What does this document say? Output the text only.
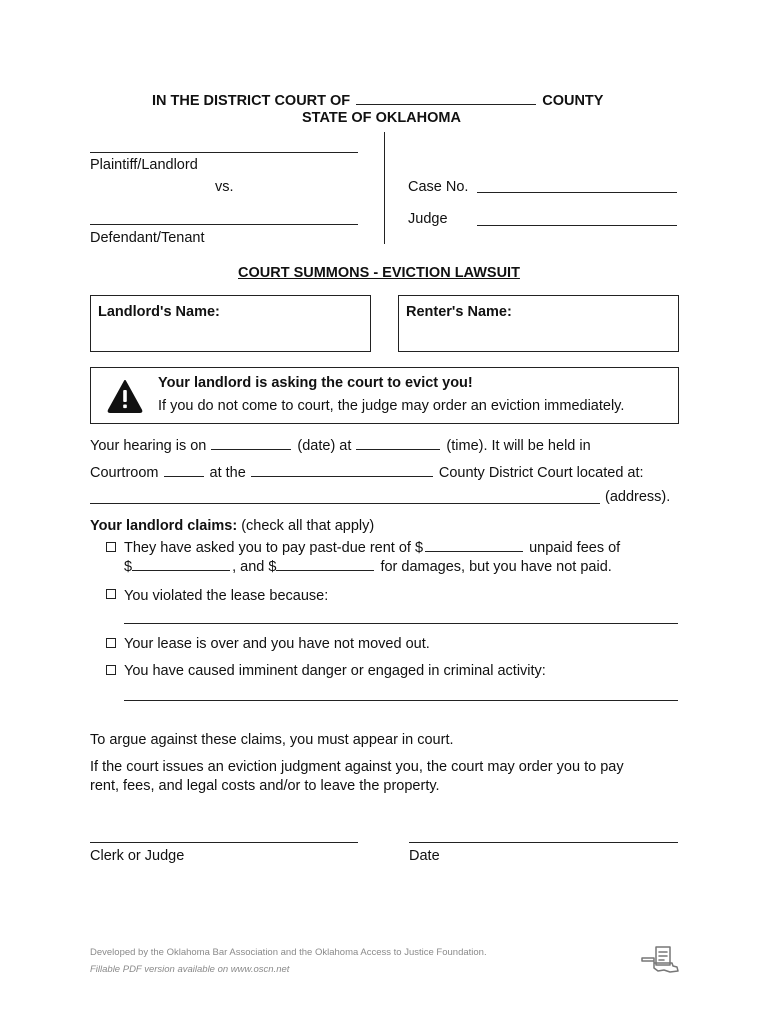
IN THE DISTRICT COURT OF	COUNTY
STATE OF OKLAHOMA
Plaintiff/Landlord
vs.
Defendant/Tenant
Case No.
Judge
COURT SUMMONS - EVICTION LAWSUIT
Landlord's Name:	Renter's Name:
Your landlord is asking the court to evict you!
If you do not come to court, the judge may order an eviction immediately.
Your hearing is on	(date) at	(time). It will be held in
Courtroom	at the	County District Court located at:
(address).
Your landlord claims: (check all that apply)
They have asked you to pay past-due rent of $	unpaid fees of
$	, and $	for damages, but you have not paid.
You violated the lease because:
Your lease is over and you have not moved out.
You have caused imminent danger or engaged in criminal activity:
To argue against these claims, you must appear in court.
If the court issues an eviction judgment against you, the court may order you to pay
rent, fees, and legal costs and/or to leave the property.
Clerk or Judge	Date
Developed by the Oklahoma Bar Association and the Oklahoma Access to Justice Foundation.
Fillable PDF version available on www.oscn.net
